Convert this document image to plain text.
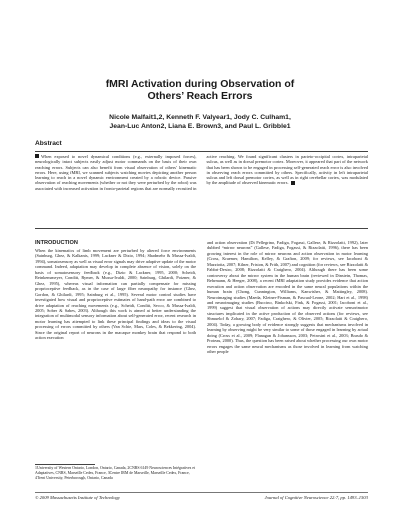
fMRI Activation during Observation of
Others’ Reach Errors
Nicole Malfait1,2, Kenneth F. Valyear1, Jody C. Culham1,
Jean-Luc Anton2, Liana E. Brown3, and Paul L. Gribble1
Abstract
When exposed to novel dynamical conditions (e.g., externally imposed forces), neurologically intact subjects easily adjust motor commands on the basis of their own reaching errors. Subjects can also benefit from visual observation of others’ kinematic errors. Here, using fMRI, we scanned subjects watching movies depicting another person learning to reach in a novel dynamic environment created by a robotic device. Passive observation of reaching movements (whether or not they were perturbed by the robot) was associated with increased activation in fronto-parietal regions that are normally recruited in active reaching. We found significant clusters in parieto-occipital cortex, intraparietal sulcus, as well as in dorsal premotor cortex. Moreover, it appeared that part of the network that has been shown to be engaged in processing self-generated reach error is also involved in observing reach errors committed by others. Specifically, activity in left intraparietal sulcus and left dorsal premotor cortex, as well as in right cerebellar cortex, was modulated by the amplitude of observed kinematic errors.
INTRODUCTION
When the kinematics of limb movement are perturbed by altered force environments (Sainburg, Ghez, & Kalkanis, 1999; Lackner & Dizio, 1994; Shadmehr & Mussa-Ivaldi, 1994), somatosensory as well as visual error signals may drive adaptive update of the motor command. Indeed, adaptation may develop in complete absence of vision, solely on the basis of somatosensory feedback (e.g., Dizio & Lackner, 1995, 2000; Scheidt, Reinkensmeyer, Conditt, Rymer, & Mussa-Ivaldi, 2000; Sainburg, Ghilardi, Poizner, & Ghez, 1995), whereas visual information can partially compensate for missing proprioceptive feedback, as in the case of large fiber neuropathy for instance (Ghez, Gordon, & Ghilardi, 1995; Sainburg et al., 1995). Several motor control studies have investigated how visual and proprioceptive estimates of hand-path error are combined to drive adaptation of reaching movements (e.g., Scheidt, Conditt, Secco, & Mussa-Ivaldi, 2005; Sober & Sabes, 2003). Although this work is aimed at better understanding the integration of multimodal sensory information about self-generated error, recent research in motor learning has attempted to link these principal findings and ideas to the visual processing of errors committed by others (Van Schie, Mars, Coles, & Bekkering, 2004). Since the original report of neurons in the macaque monkey brain that respond to both action execution
and action observation (Di Pellegrino, Fadiga, Fogassi, Gallese, & Rizzolatti, 1992), later dubbed “mirror neurons” (Gallese, Fadiga, Fogassi, & Rizzolatti, 1996), there has been growing interest in the role of mirror neurons and action observation in motor learning (Cross, Kraemer, Hamilton, Kelley, & Grafton, 2009; for reviews, see Iacoboni & Mazziotta, 2007; Kilner, Friston, & Frith, 2007) and cognition (for reviews, see Rizzolatti & Fabbri-Destro, 2008; Rizzolatti & Craighero, 2004). Although there has been some controversy about the mirror system in the human brain (reviewed in Dinstein, Thomas, Behrmann, & Heeger, 2008), a recent fMRI adaptation study provides evidence that action execution and action observation are encoded in the same neural populations within the human brain (Chong, Cunnington, Williams, Kanwisher, & Mattingley, 2008). Neuroimaging studies (Maeda, Kleiner-Fisman, & Pascual-Leone, 2002; Hari et al., 1998) and neuroimaging studies (Buccino, Binkofski, Fink, & Fogassi, 2001; Iacoboni et al., 1999) suggest that visual observation of actions may directly activate sensorimotor structures implicated in the active production of the observed actions (for reviews, see Shmuelof & Zohary, 2007; Fadiga, Craighero, & Olivier, 2005; Rizzolatti & Craighero, 2004). Today, a growing body of evidence strongly suggests that mechanisms involved in learning by observing might be very similar to some of those engaged in learning by actual doing (Cross et al., 2009; Flanagan & Johansson, 2003; Petrosini et al., 2003; Brasdo & Proteau, 2000). Thus, the question has been raised about whether processing our own motor errors engages the same neural mechanisms as those involved in learning from watching other people
1University of Western Ontario, London, Ontario, Canada, 2CNRS 6149 Neurosciences Intégratives et Adaptatives, CNRS, Marseille Cedex, France, 3Centre IRM de Marseille, Marseille Cedex, France, 4Trent University, Peterborough, Ontario, Canada
© 2009 Massachusetts Institute of Technology	Journal of Cognitive Neuroscience 22:7, pp. 1493–1503
